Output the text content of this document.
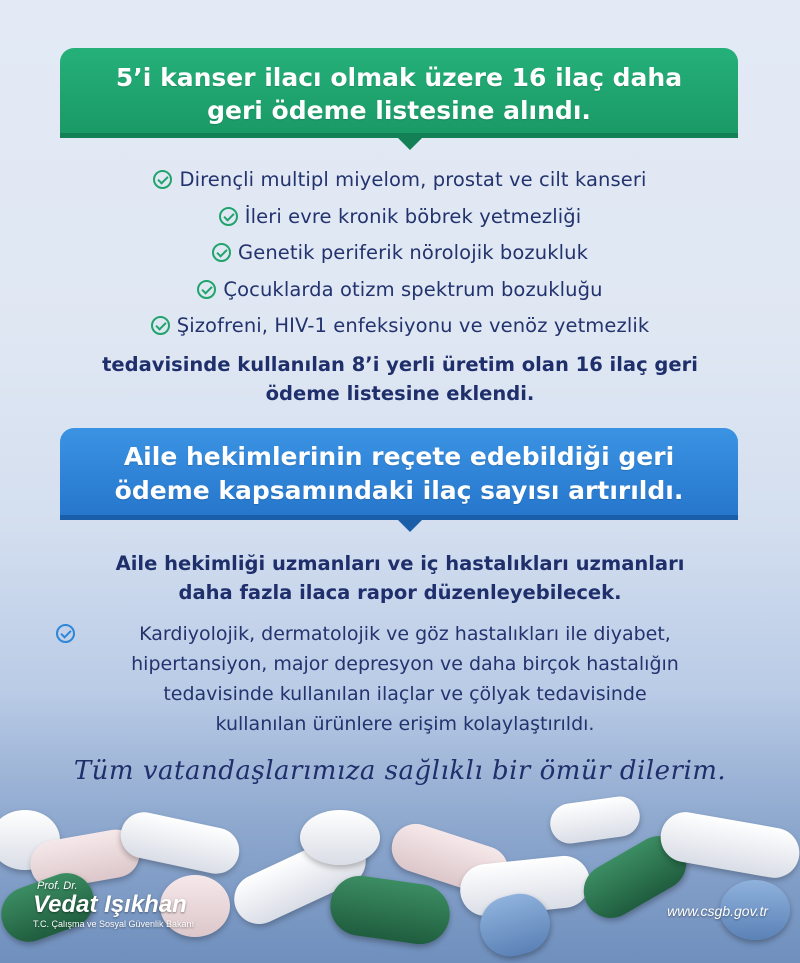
5’i kanser ilacı olmak üzere 16 ilaç daha
geri ödeme listesine alındı.
Dirençli multipl miyelom, prostat ve cilt kanseri
İleri evre kronik böbrek yetmezliği
Genetik periferik nörolojik bozukluk
Çocuklarda otizm spektrum bozukluğu
Şizofreni, HIV-1 enfeksiyonu ve venöz yetmezlik
tedavisinde kullanılan 8’i yerli üretim olan 16 ilaç geri
ödeme listesine eklendi.
Aile hekimlerinin reçete edebildiği geri
ödeme kapsamındaki ilaç sayısı artırıldı.
Aile hekimliği uzmanları ve iç hastalıkları uzmanları
daha fazla ilaca rapor düzenleyebilecek.
Kardiyolojik, dermatolojik ve göz hastalıkları ile diyabet,
hipertansiyon, major depresyon ve daha birçok hastalığın
tedavisinde kullanılan ilaçlar ve çölyak tedavisinde
kullanılan ürünlere erişim kolaylaştırıldı.
Tüm vatandaşlarımıza sağlıklı bir ömür dilerim.
Prof. Dr.
Vedat Işıkhan
T.C. Çalışma ve Sosyal Güvenlik Bakanı
www.csgb.gov.tr
